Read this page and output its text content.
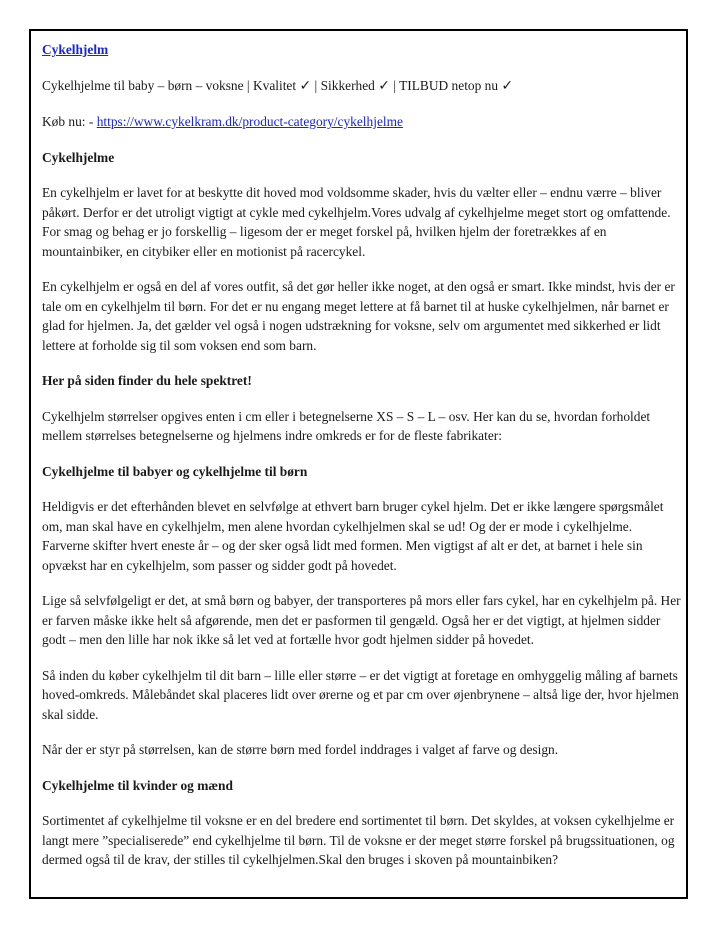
Cykelhjelm

Cykelhjelme til baby – børn – voksne | Kvalitet ✓ | Sikkerhed ✓ | TILBUD netop nu ✓

Køb nu: - https://www.cykelkram.dk/product-category/cykelhjelme

Cykelhjelme

En cykelhjelm er lavet for at beskytte dit hoved mod voldsomme skader, hvis du vælter eller – endnu værre – bliver påkørt. Derfor er det utroligt vigtigt at cykle med cykelhjelm.Vores udvalg af cykelhjelme meget stort og omfattende. For smag og behag er jo forskellig – ligesom der er meget forskel på, hvilken hjelm der foretrækkes af en mountainbiker, en citybiker eller en motionist på racercykel.

En cykelhjelm er også en del af vores outfit, så det gør heller ikke noget, at den også er smart. Ikke mindst, hvis der er tale om en cykelhjelm til børn. For det er nu engang meget lettere at få barnet til at huske cykelhjelmen, når barnet er glad for hjelmen. Ja, det gælder vel også i nogen udstrækning for voksne, selv om argumentet med sikkerhed er lidt lettere at forholde sig til som voksen end som barn.

Her på siden finder du hele spektret!

Cykelhjelm størrelser opgives enten i cm eller i betegnelserne XS – S – L – osv. Her kan du se, hvordan forholdet mellem størrelses betegnelserne og hjelmens indre omkreds er for de fleste fabrikater:

Cykelhjelme til babyer og cykelhjelme til børn

Heldigvis er det efterhånden blevet en selvfølge at ethvert barn bruger cykel hjelm. Det er ikke længere spørgsmålet om, man skal have en cykelhjelm, men alene hvordan cykelhjelmen skal se ud! Og der er mode i cykelhjelme. Farverne skifter hvert eneste år – og der sker også lidt med formen. Men vigtigst af alt er det, at barnet i hele sin opvækst har en cykelhjelm, som passer og sidder godt på hovedet.

Lige så selvfølgeligt er det, at små børn og babyer, der transporteres på mors eller fars cykel, har en cykelhjelm på. Her er farven måske ikke helt så afgørende, men det er pasformen til gengæld. Også her er det vigtigt, at hjelmen sidder godt – men den lille har nok ikke så let ved at fortælle hvor godt hjelmen sidder på hovedet.

Så inden du køber cykelhjelm til dit barn – lille eller større – er det vigtigt at foretage en omhyggelig måling af barnets hoved-omkreds. Målebåndet skal placeres lidt over ørerne og et par cm over øjenbrynene – altså lige der, hvor hjelmen skal sidde.

Når der er styr på størrelsen, kan de større børn med fordel inddrages i valget af farve og design.

Cykelhjelme til kvinder og mænd

Sortimentet af cykelhjelme til voksne er en del bredere end sortimentet til børn. Det skyldes, at voksen cykelhjelme er langt mere ”specialiserede” end cykelhjelme til børn. Til de voksne er der meget større forskel på brugssituationen, og dermed også til de krav, der stilles til cykelhjelmen.Skal den bruges i skoven på mountainbiken?
